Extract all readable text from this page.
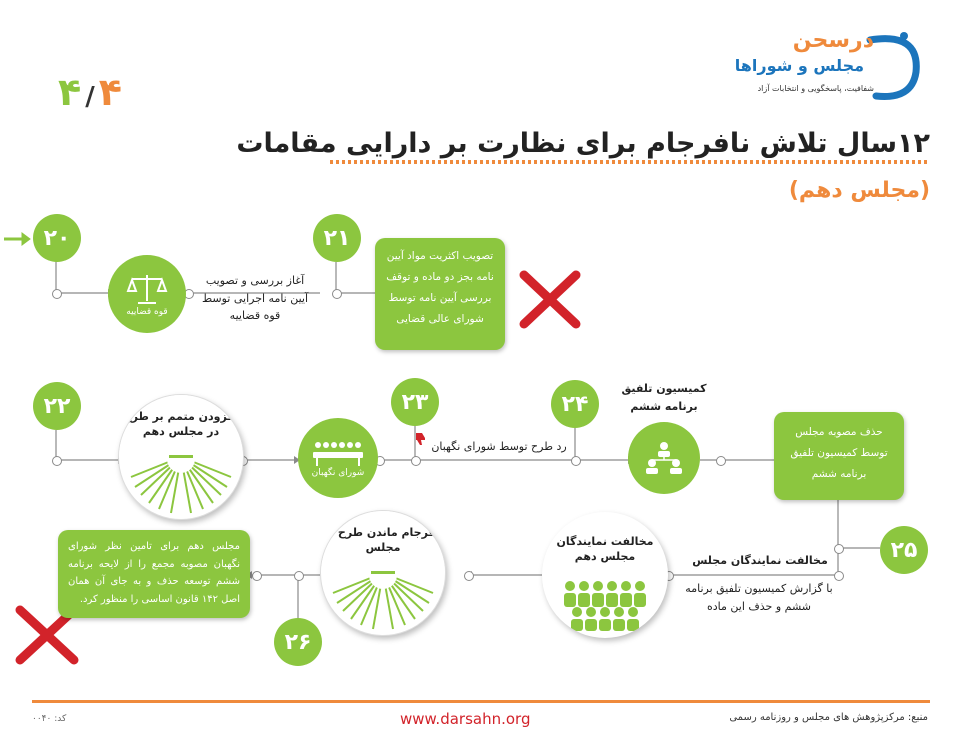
۴ / ۴
درسحن
مجلس و شوراها
شفافیت، پاسخگویی و انتخابات آزاد
۱۲سال تلاش نافرجام برای نظارت بر دارایی مقامات
(مجلس دهم)
۲۰	۲۱
۲۲	۲۳	۲۴
۲۵
۲۶
قوه قضاییه
شورای نگهبان
مخالفت نمایندگان مجلس دهم
افزودن متمم بر طرح در مجلس دهم
نافرجام ماندن طرح در مجلس
تصویب اکثریت مواد آیین نامه بجز دو ماده و توقف بررسی آیین نامه توسط شورای عالی قضایی
حذف مصوبه مجلس توسط کمیسیون تلفیق برنامه ششم
مجلس دهم برای تامین نظر شورای نگهبان مصوبه مجمع را از لایحه برنامه ششم توسعه حذف و به جای آن همان اصل ۱۴۲ قانون اساسی را منظور کرد.
آغاز بررسی و تصویب آیین نامه اجرایی توسط قوه قضاییه
رد طرح توسط شورای نگهبان
کمیسیون تلفیق برنامه ششم
مخالفت نمایندگان مجلس
با گزارش کمیسیون تلفیق برنامه ششم و حذف این ماده
منبع: مرکزپژوهش های مجلس و روزنامه رسمی
www.darsahn.org
کد: ۰۰۴۰
